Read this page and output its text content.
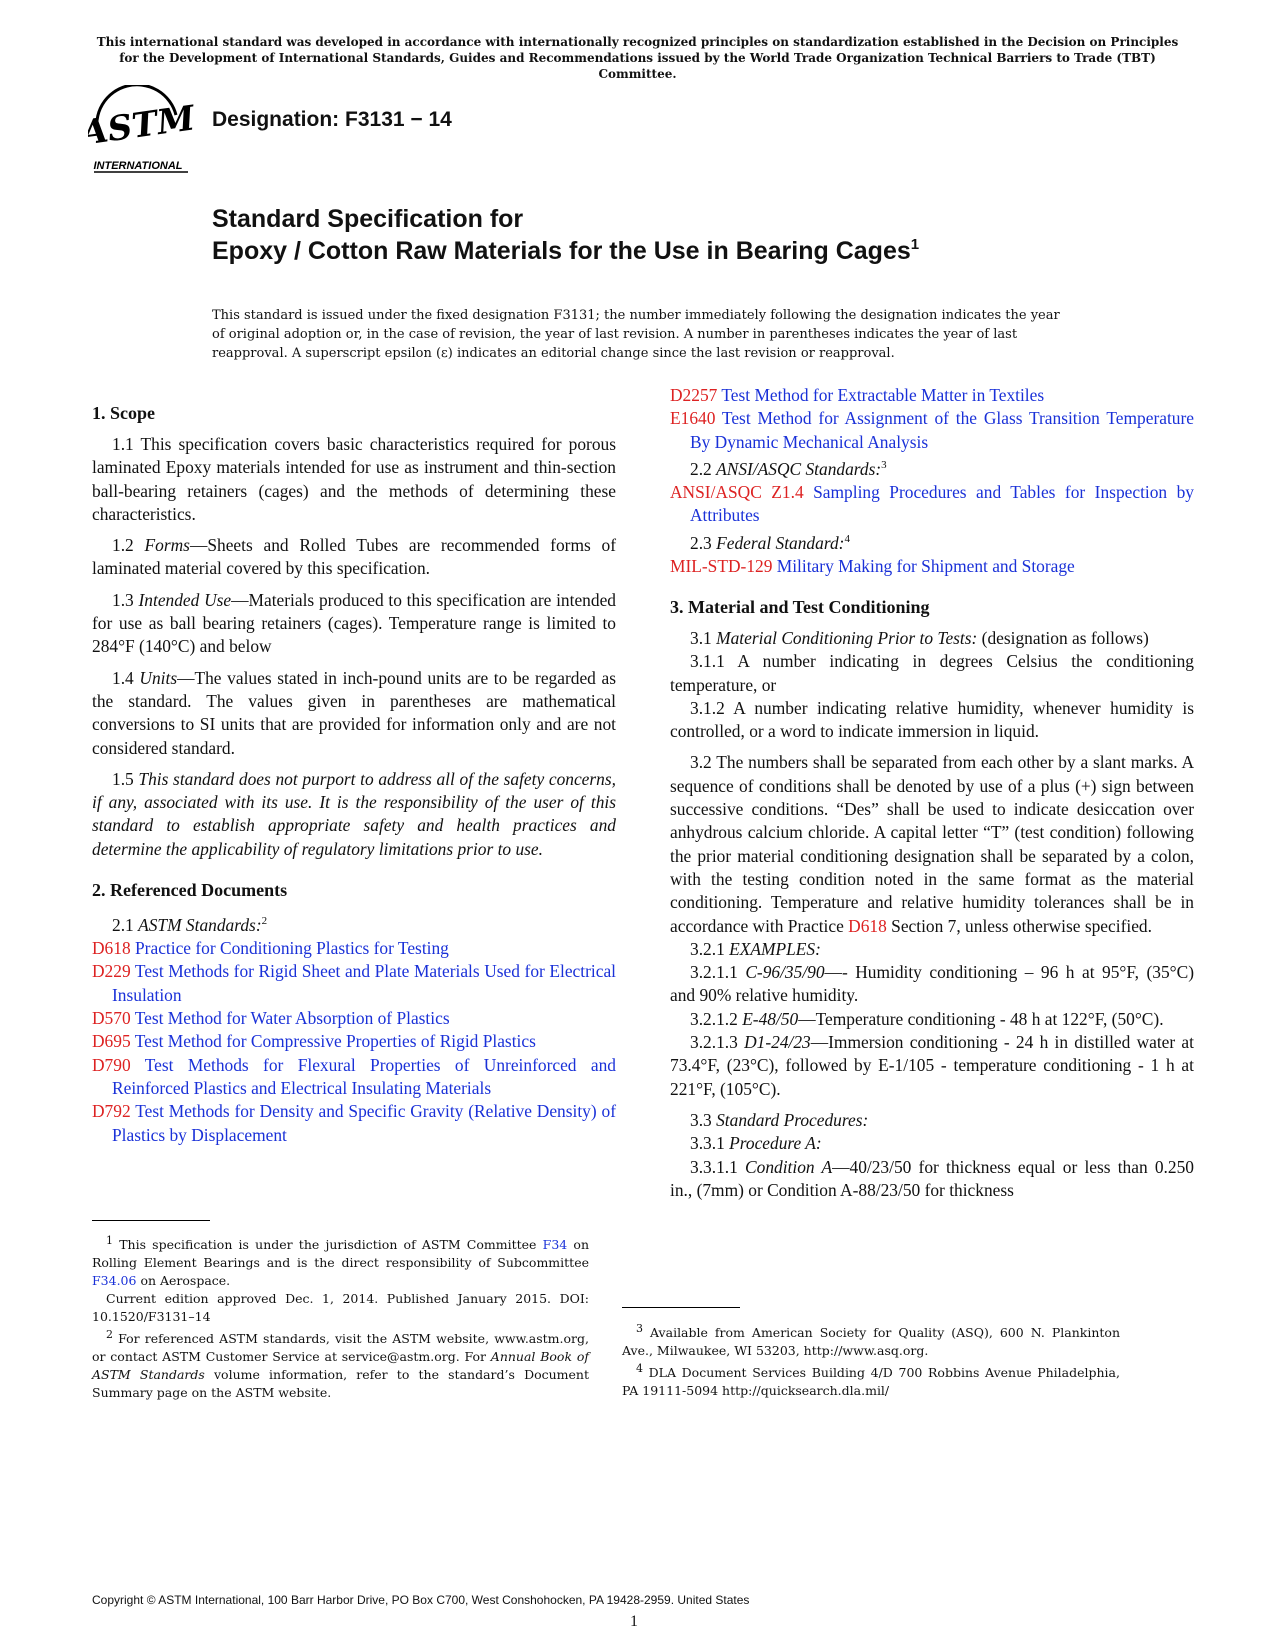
This international standard was developed in accordance with internationally recognized principles on standardization established in the Decision on Principles for the Development of International Standards, Guides and Recommendations issued by the World Trade Organization Technical Barriers to Trade (TBT) Committee.
ASTM
INTERNATIONAL
Designation: F3131 − 14
Standard Specification for
Epoxy / Cotton Raw Materials for the Use in Bearing Cages$^1$
This standard is issued under the fixed designation F3131; the number immediately following the designation indicates the year of original adoption or, in the case of revision, the year of last revision. A number in parentheses indicates the year of last reapproval. A superscript epsilon (ε) indicates an editorial change since the last revision or reapproval.
1. Scope

1.1 This specification covers basic characteristics required for porous laminated Epoxy materials intended for use as instrument and thin-section ball-bearing retainers (cages) and the methods of determining these characteristics.

1.2 Forms—Sheets and Rolled Tubes are recommended forms of laminated material covered by this specification.

1.3 Intended Use—Materials produced to this specification are intended for use as ball bearing retainers (cages). Temperature range is limited to 284°F (140°C) and below

1.4 Units—The values stated in inch-pound units are to be regarded as the standard. The values given in parentheses are mathematical conversions to SI units that are provided for information only and are not considered standard.

1.5 This standard does not purport to address all of the safety concerns, if any, associated with its use. It is the responsibility of the user of this standard to establish appropriate safety and health practices and determine the applicability of regulatory limitations prior to use.

2. Referenced Documents

2.1 ASTM Standards:$^2$

D618 Practice for Conditioning Plastics for Testing

D229 Test Methods for Rigid Sheet and Plate Materials Used for Electrical Insulation

D570 Test Method for Water Absorption of Plastics

D695 Test Method for Compressive Properties of Rigid Plastics

D790 Test Methods for Flexural Properties of Unreinforced and Reinforced Plastics and Electrical Insulating Materials

D792 Test Methods for Density and Specific Gravity (Relative Density) of Plastics by Displacement

$^1$ This specification is under the jurisdiction of ASTM Committee F34 on Rolling Element Bearings and is the direct responsibility of Subcommittee F34.06 on Aerospace.

Current edition approved Dec. 1, 2014. Published January 2015. DOI: 10.1520/F3131–14

$^2$ For referenced ASTM standards, visit the ASTM website, www.astm.org, or contact ASTM Customer Service at service@astm.org. For Annual Book of ASTM Standards volume information, refer to the standard’s Document Summary page on the ASTM website.

D2257 Test Method for Extractable Matter in Textiles

E1640 Test Method for Assignment of the Glass Transition Temperature By Dynamic Mechanical Analysis

2.2 ANSI/ASQC Standards:$^3$

ANSI/ASQC Z1.4 Sampling Procedures and Tables for Inspection by Attributes

2.3 Federal Standard:$^4$

MIL-STD-129 Military Making for Shipment and Storage

3. Material and Test Conditioning

3.1 Material Conditioning Prior to Tests: (designation as follows)

3.1.1 A number indicating in degrees Celsius the conditioning temperature, or

3.1.2 A number indicating relative humidity, whenever humidity is controlled, or a word to indicate immersion in liquid.

3.2 The numbers shall be separated from each other by a slant marks. A sequence of conditions shall be denoted by use of a plus (+) sign between successive conditions. “Des” shall be used to indicate desiccation over anhydrous calcium chloride. A capital letter “T” (test condition) following the prior material conditioning designation shall be separated by a colon, with the testing condition noted in the same format as the material conditioning. Temperature and relative humidity tolerances shall be in accordance with Practice D618 Section 7, unless otherwise specified.

3.2.1 EXAMPLES:

3.2.1.1 C-96/35/90—- Humidity conditioning – 96 h at 95°F, (35°C) and 90% relative humidity.

3.2.1.2 E-48/50—Temperature conditioning - 48 h at 122°F, (50°C).

3.2.1.3 D1-24/23—Immersion conditioning - 24 h in distilled water at 73.4°F, (23°C), followed by E-1/105 - temperature conditioning - 1 h at 221°F, (105°C).

3.3 Standard Procedures:

3.3.1 Procedure A:

3.3.1.1 Condition A—40/23/50 for thickness equal or less than 0.250 in., (7mm) or Condition A-88/23/50 for thickness

$^3$ Available from American Society for Quality (ASQ), 600 N. Plankinton Ave., Milwaukee, WI 53203, http://www.asq.org.

$^4$ DLA Document Services Building 4/D 700 Robbins Avenue Philadelphia, PA 19111-5094 http://quicksearch.dla.mil/

Copyright © ASTM International, 100 Barr Harbor Drive, PO Box C700, West Conshohocken, PA 19428-2959. United States
1
